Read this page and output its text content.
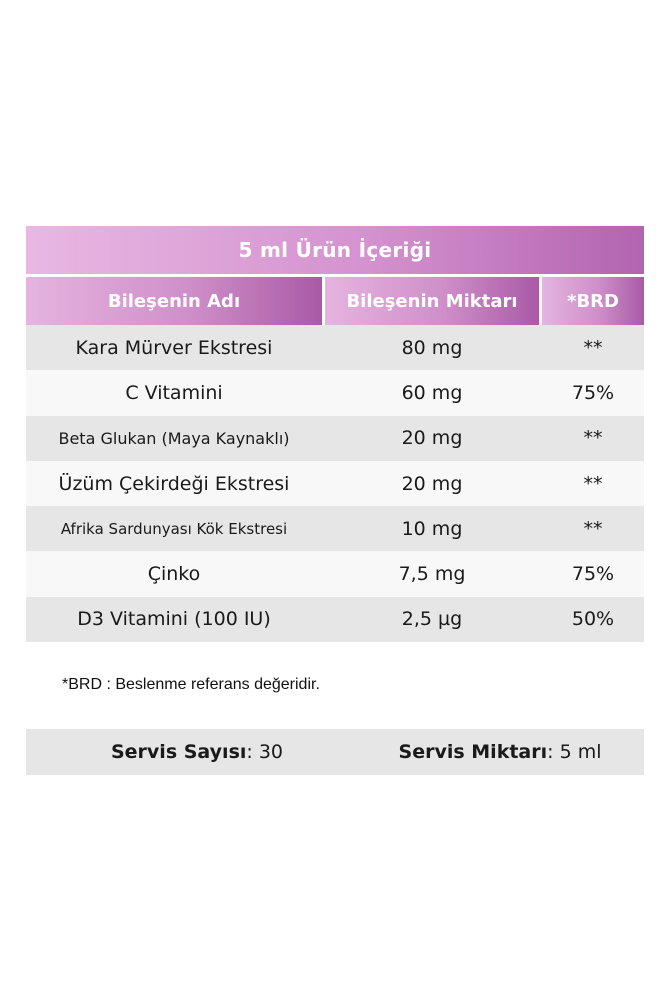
5 ml Ürün İçeriği
Bileşenin Adı	Bileşenin Miktarı	*BRD
Kara Mürver Ekstresi	80 mg	**
C Vitamini	60 mg	75%
Beta Glukan (Maya Kaynaklı)	20 mg	**
Üzüm Çekirdeği Ekstresi	20 mg	**
Afrika Sardunyası Kök Ekstresi	10 mg	**
Çinko	7,5 mg	75%
D3 Vitamini (100 IU)	2,5 µg	50%
*BRD : Beslenme referans değeridir.
Servis Sayısı : 30	Servis Miktarı : 5 ml
